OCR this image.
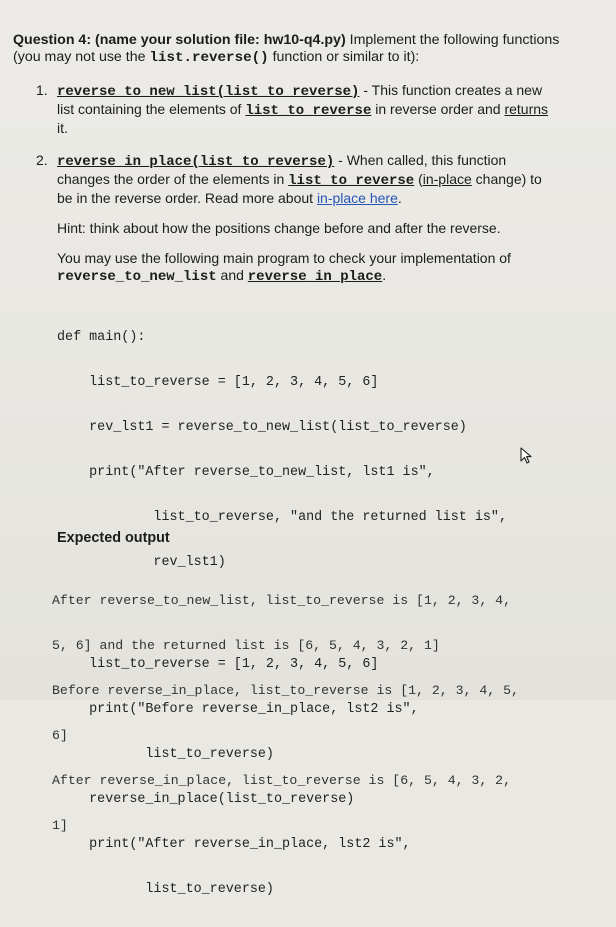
Question 4: (name your solution file: hw10-q4.py) Implement the following functions
(you may not use the list.reverse() function or similar to it):
1. reverse_to_new_list(list_to_reverse) - This function creates a new
list containing the elements of list_to_reverse in reverse order and returns
it.
2. reverse_in_place(list_to_reverse) - When called, this function
changes the order of the elements in list_to_reverse (in-place change) to
be in the reverse order. Read more about in-place here.
Hint: think about how the positions change before and after the reverse.
You may use the following main program to check your implementation of
reverse_to_new_list and reverse_in_place.

def main():

list_to_reverse = [1, 2, 3, 4, 5, 6]

rev_lst1 = reverse_to_new_list(list_to_reverse)

print("After reverse_to_new_list, lst1 is",

list_to_reverse, "and the returned list is",

rev_lst1)

list_to_reverse = [1, 2, 3, 4, 5, 6]

print("Before reverse_in_place, lst2 is",

list_to_reverse)

reverse_in_place(list_to_reverse)

print("After reverse_in_place, lst2 is",

list_to_reverse)

Expected output

After reverse_to_new_list, list_to_reverse is [1, 2, 3, 4,

5, 6] and the returned list is [6, 5, 4, 3, 2, 1]

Before reverse_in_place, list_to_reverse is [1, 2, 3, 4, 5,

6]

After reverse_in_place, list_to_reverse is [6, 5, 4, 3, 2,

1]
